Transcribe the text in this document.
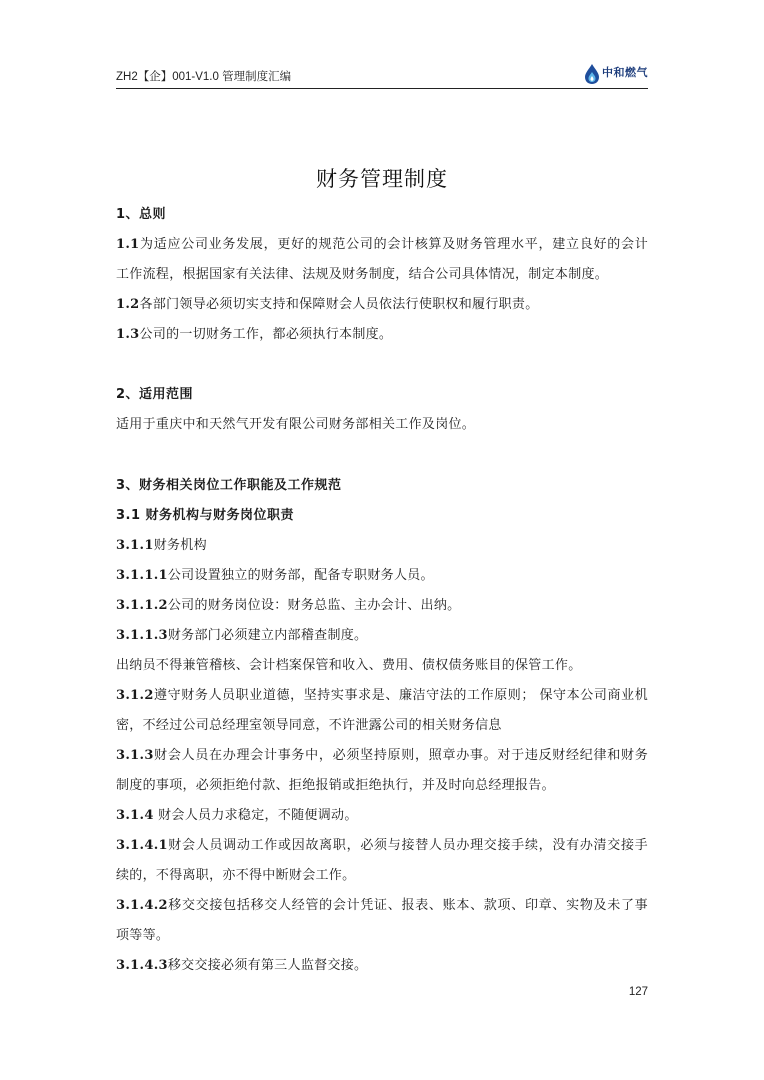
ZH2【企】001-V1.0 管理制度汇编	中和燃气
财务管理制度
1、总则
1.1为适应公司业务发展，更好的规范公司的会计核算及财务管理水平，建立良好的会计
工作流程，根据国家有关法律、法规及财务制度，结合公司具体情况，制定本制度。
1.2各部门领导必须切实支持和保障财会人员依法行使职权和履行职责。
1.3公司的一切财务工作，都必须执行本制度。
2、适用范围
适用于重庆中和天然气开发有限公司财务部相关工作及岗位。
3、财务相关岗位工作职能及工作规范
3.1 财务机构与财务岗位职责
3.1.1财务机构
3.1.1.1公司设置独立的财务部，配备专职财务人员。
3.1.1.2公司的财务岗位设：财务总监、主办会计、出纳。
3.1.1.3财务部门必须建立内部稽查制度。
出纳员不得兼管稽核、会计档案保管和收入、费用、债权债务账目的保管工作。
3.1.2遵守财务人员职业道德，坚持实事求是、廉洁守法的工作原则； 保守本公司商业机
密，不经过公司总经理室领导同意，不许泄露公司的相关财务信息
3.1.3财会人员在办理会计事务中，必须坚持原则，照章办事。对于违反财经纪律和财务
制度的事项，必须拒绝付款、拒绝报销或拒绝执行，并及时向总经理报告。
3.1.4 财会人员力求稳定，不随便调动。
3.1.4.1财会人员调动工作或因故离职，必须与接替人员办理交接手续，没有办清交接手
续的，不得离职，亦不得中断财会工作。
3.1.4.2移交交接包括移交人经管的会计凭证、报表、账本、款项、印章、实物及未了事
项等等。
3.1.4.3移交交接必须有第三人监督交接。
127
